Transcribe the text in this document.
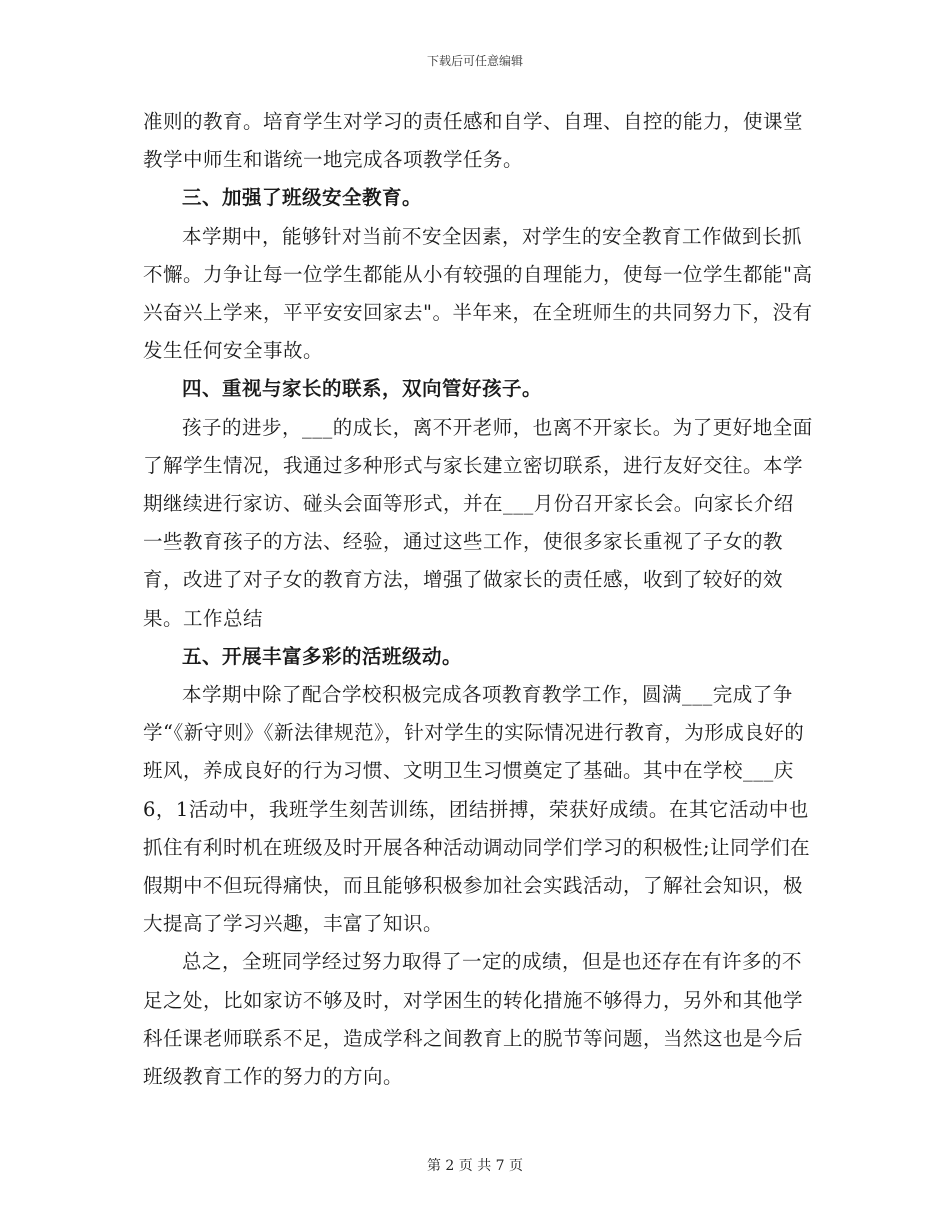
下载后可任意编辑

准则的教育。培育学生对学习的责任感和自学、自理、自控的能力，使课堂教学中师生和谐统一地完成各项教学任务。

三、加强了班级安全教育。

本学期中，能够针对当前不安全因素，对学生的安全教育工作做到长抓不懈。力争让每一位学生都能从小有较强的自理能力，使每一位学生都能"高兴奋兴上学来，平平安安回家去"。半年来，在全班师生的共同努力下，没有发生任何安全事故。

四、重视与家长的联系，双向管好孩子。

孩子的进步，___的成长，离不开老师，也离不开家长。为了更好地全面了解学生情况，我通过多种形式与家长建立密切联系，进行友好交往。本学期继续进行家访、碰头会面等形式，并在___月份召开家长会。向家长介绍一些教育孩子的方法、经验，通过这些工作，使很多家长重视了子女的教育，改进了对子女的教育方法，增强了做家长的责任感，收到了较好的效果。工作总结

五、开展丰富多彩的活班级动。

本学期中除了配合学校积极完成各项教育教学工作，圆满___完成了争学“《新守则》《新法律规范》，针对学生的实际情况进行教育，为形成良好的班风，养成良好的行为习惯、文明卫生习惯奠定了基础。其中在学校___庆6，1活动中，我班学生刻苦训练，团结拼搏，荣获好成绩。在其它活动中也抓住有利时机在班级及时开展各种活动调动同学们学习的积极性;让同学们在假期中不但玩得痛快，而且能够积极参加社会实践活动，了解社会知识，极大提高了学习兴趣，丰富了知识。

总之，全班同学经过努力取得了一定的成绩，但是也还存在有许多的不足之处，比如家访不够及时，对学困生的转化措施不够得力，另外和其他学科任课老师联系不足，造成学科之间教育上的脱节等问题，当然这也是今后班级教育工作的努力的方向。

第 2 页 共 7 页
